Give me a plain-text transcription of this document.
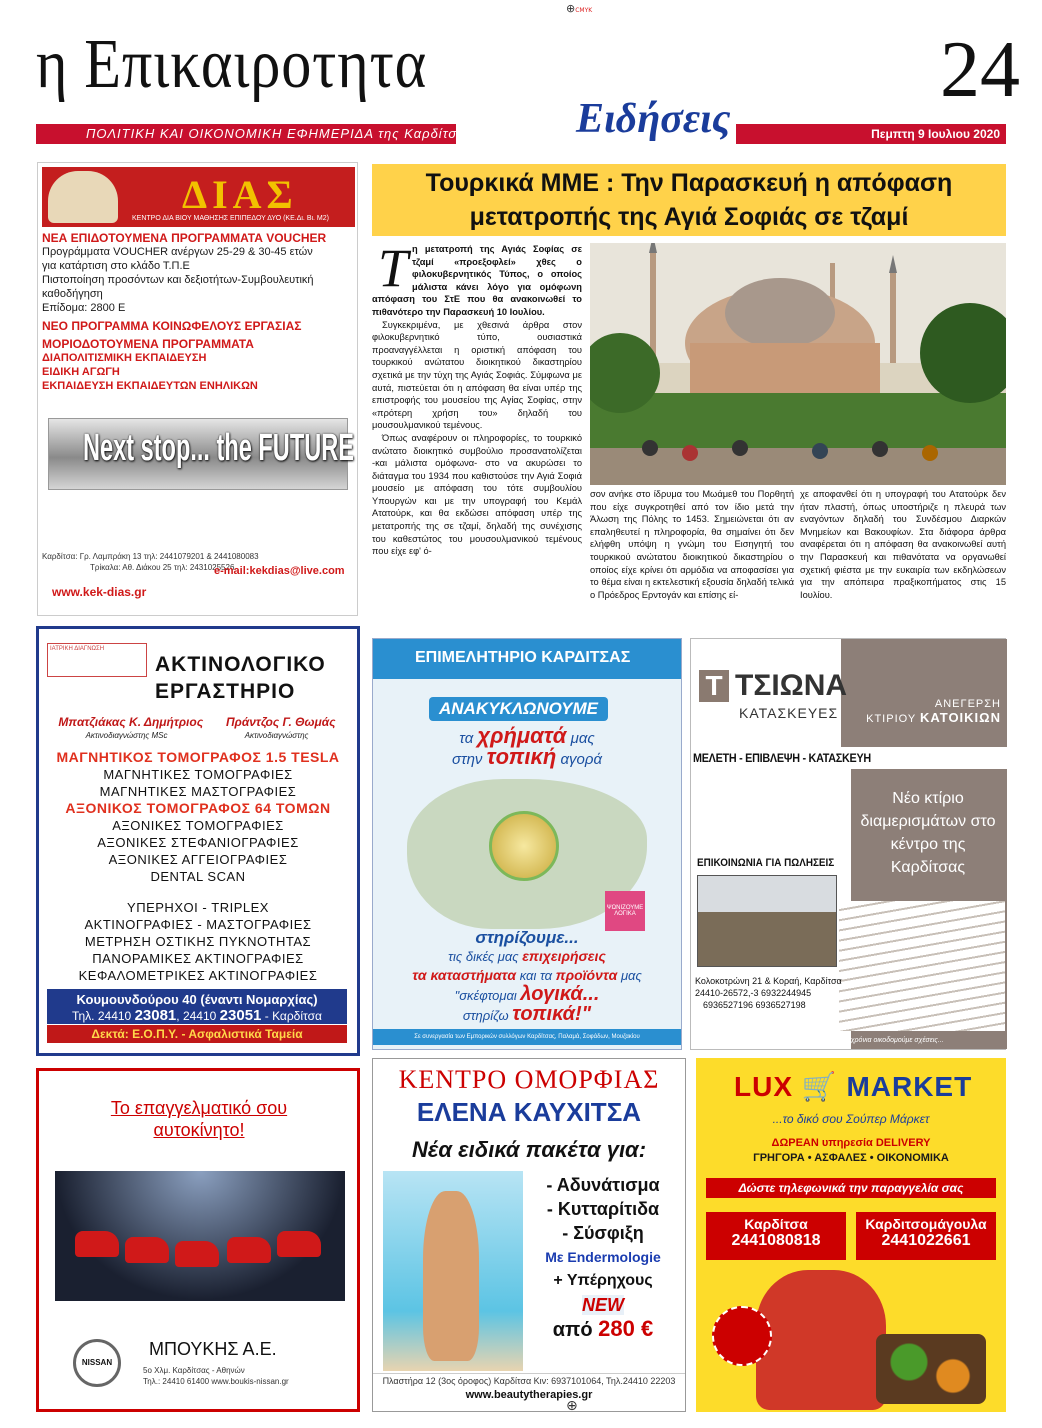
⊕CMYK
⊕
η Επικαιροτητα	24
ΠΟΛΙΤΙΚΗ ΚΑΙ ΟΙΚΟΝΟΜΙΚΗ ΕΦΗΜΕΡΙΔΑ της Καρδίτσας Ειδήσεις	Πεμπτη 9 Ιουλιου 2020
ΔΙΑΣ
ΚΕΝΤΡΟ ΔΙΑ ΒΙΟΥ ΜΑΘΗΣΗΣ ΕΠΙΠΕΔΟΥ ΔΥΟ (ΚΕ.Δι. Βι. Μ2)
ΝΕΑ ΕΠΙΔΟΤΟΥΜΕΝΑ ΠΡΟΓΡΑΜΜΑΤΑ VOUCHER
Προγράμματα VOUCHER ανέργων 25-29 & 30-45 ετών
για κατάρτιση στο κλάδο Τ.Π.Ε
Πιστοποίηση προσόντων και δεξιοτήτων-Συμβουλευτική καθοδήγηση
Επίδομα: 2800 Ε
ΝΕΟ ΠΡΟΓΡΑΜΜΑ ΚΟΙΝΩΦΕΛΟΥΣ ΕΡΓΑΣΙΑΣ
ΜΟΡΙΟΔΟΤΟΥΜΕΝΑ ΠΡΟΓΡΑΜΜΑΤΑ
ΔΙΑΠΟΛΙΤΙΣΜΙΚΗ ΕΚΠΑΙΔΕΥΣΗ
ΕΙΔΙΚΗ ΑΓΩΓΗ
ΕΚΠΑΙΔΕΥΣΗ ΕΚΠΑΙΔΕΥΤΩΝ ΕΝΗΛΙΚΩΝ
Next stop... the FUTURE
Καρδίτσα: Γρ. Λαμπράκη 13 τηλ: 2441079201 & 2441080083
Τρίκαλα: Αθ. Διάκου 25 τηλ: 2431025526
e-mail:kekdias@live.com
www.kek-dias.gr
Τουρκικά ΜΜΕ : Την Παρασκευή η απόφαση μετατροπής της Αγιά Σοφιάς σε τζαμί
Τ η μετατροπή της Αγιάς Σοφίας σε τζαμί «προεξοφλεί» χθες ο φιλοκυβερνητικός Τύπος, ο οποίος μάλιστα κάνει λόγο για ομόφωνη απόφαση του ΣτΕ που θα ανακοινωθεί το πιθανότερο την Παρασκευή 10 Ιουλίου.

Συγκεκριμένα, με χθεσινά άρθρα στον φιλοκυβερνητικό τύπο, ουσιαστικά προαναγγέλλεται η οριστική απόφαση του τουρκικού ανώτατου διοικητικού δικαστηρίου σχετικά με την τύχη της Αγιάς Σοφιάς. Σύμφωνα με αυτά, πιστεύεται ότι η απόφαση θα είναι υπέρ της επιστροφής του μουσείου της Αγίας Σοφίας, στην «πρότερη χρήση του» δηλαδή του μουσουλμανικού τεμένους.

Όπως αναφέρουν οι πληροφορίες, το τουρκικό ανώτατο διοικητικό συμβούλιο προσανατολίζεται -και μάλιστα ομόφωνα- στο να ακυρώσει το διάταγμα του 1934 που καθιστούσε την Αγιά Σοφιά μουσείο με απόφαση του τότε συμβουλίου Υπουργών και με την υπογραφή του Κεμάλ Ατατούρκ, και θα εκδώσει απόφαση υπέρ της μετατροπής της σε τζαμί, δηλαδή της συνέχισης του καθεστώτος του μουσουλμανικού τεμένους που είχε εφ' ό-

σον ανήκε στο ίδρυμα του Μωάμεθ του Πορθητή που είχε συγκροτηθεί από τον ίδιο μετά την Άλωση της Πόλης το 1453. Σημειώνεται ότι αν επαληθευτεί η πληροφορία, θα σημαίνει ότι δεν ελήφθη υπόψη η γνώμη του Εισηγητή του τουρκικού ανώτατου διοικητικού δικαστηρίου ο οποίος είχε κρίνει ότι αρμόδια να αποφασίσει για το θέμα είναι η εκτελεστική εξουσία δηλαδή τελικά ο Πρόεδρος Ερντογάν και επίσης εί-
χε αποφανθεί ότι η υπογραφή του Ατατούρκ δεν ήταν πλαστή, όπως υποστήριζε η πλευρά των εναγόντων δηλαδή του Συνδέσμου Διαρκών Μνημείων και Βακουφίων. Στα διάφορα άρθρα αναφέρεται ότι η απόφαση θα ανακοινωθεί αυτή την Παρασκευή και πιθανότατα να οργανωθεί σχετική φιέστα με την ευκαιρία των εκδηλώσεων για την απόπειρα πραξικοπήματος στις 15 Ιουλίου.
ΙΑΤΡΙΚΗ ΔΙΑΓΝΩΣΗ
ΑΚΤΙΝΟΛΟΓΙΚΟ
ΕΡΓΑΣΤΗΡΙΟ
Μπατζιάκας Κ. Δημήτριος Πράντζος Γ. Θωμάς
Ακτινοδιαγνώστης MSc	Ακτινοδιαγνώστης
ΜΑΓΝΗΤΙΚΟΣ ΤΟΜΟΓΡΑΦΟΣ 1.5 TESLA
ΜΑΓΝΗΤΙΚΕΣ ΤΟΜΟΓΡΑΦΙΕΣ
ΜΑΓΝΗΤΙΚΕΣ ΜΑΣΤΟΓΡΑΦΙΕΣ
ΑΞΟΝΙΚΟΣ ΤΟΜΟΓΡΑΦΟΣ 64 ΤΟΜΩΝ
ΑΞΟΝΙΚΕΣ ΤΟΜΟΓΡΑΦΙΕΣ
ΑΞΟΝΙΚΕΣ ΣΤΕΦΑΝΙΟΓΡΑΦΙΕΣ
ΑΞΟΝΙΚΕΣ ΑΓΓΕΙΟΓΡΑΦΙΕΣ
DENTAL SCAN
ΥΠΕΡΗΧΟΙ - TRIPLEX
ΑΚΤΙΝΟΓΡΑΦΙΕΣ - ΜΑΣΤΟΓΡΑΦΙΕΣ
ΜΕΤΡΗΣΗ ΟΣΤΙΚΗΣ ΠΥΚΝΟΤΗΤΑΣ
ΠΑΝΟΡΑΜΙΚΕΣ ΑΚΤΙΝΟΓΡΑΦΙΕΣ
ΚΕΦΑΛΟΜΕΤΡΙΚΕΣ ΑΚΤΙΝΟΓΡΑΦΙΕΣ
Κουμουνδούρου 40 (έναντι Νομαρχίας)
Τηλ. 24410 23081, 24410 23051 - Καρδίτσα
Δεκτά: Ε.Ο.Π.Υ. - Ασφαλιστικά Ταμεία
ΕΠΙΜΕΛΗΤΗΡΙΟ ΚΑΡΔΙΤΣΑΣ
ΑΝΑΚΥΚΛΩΝΟΥΜΕ
τα χρήματά μας
στην τοπική αγορά
ΨΩΝΙΖΟΥΜΕ ΛΟΓΙΚΑ
στηρίζουμε...
τις δικές μας επιχειρήσεις
τα καταστήματα και τα προϊόντα μας
"σκέφτομαι λογικά...
στηρίζω τοπικά!"
Σε συνεργασία των Εμπορικών συλλόγων Καρδίτσας, Παλαμά, Σοφάδων, Μουζακίου
Τ ΤΣΙΩΝΑ
ΚΑΤΑΣΚΕΥΕΣ
ΑΝΕΓΕΡΣΗ
ΚΤΙΡΙΟΥ ΚΑΤΟΙΚΙΩΝ
ΜΕΛΕΤΗ - ΕΠΙΒΛΕΨΗ - ΚΑΤΑΣΚΕΥΗ
Νέο κτίριο διαμερισμάτων στο κέντρο της Καρδίτσας
ΕΠΙΚΟΙΝΩΝΙΑ ΓΙΑ ΠΩΛΗΣΕΙΣ
Κολοκοτρώνη 21 & Κοραή, Καρδίτσα
24410-26572,-3 6932244945
6936527196 6936527198
40 χρόνια οικοδομούμε σχέσεις...
Το επαγγελματικό σου αυτοκίνητο!
NISSAN
ΜΠΟΥΚΗΣ Α.Ε.
5ο Χλμ. Καρδίτσας - Αθηνών
Τηλ.: 24410 61400 www.boukis-nissan.gr
ΚΕΝΤΡΟ ΟΜΟΡΦΙΑΣ
ΕΛΕΝΑ ΚΑΥΧΙΤΣΑ
Νέα ειδικά πακέτα για:
- Αδυνάτισμα
- Κυτταρίτιδα
- Σύσφιξη
Με Endermologie
+ Υπέρηχους
NEW
από 280 €
Πλαστήρα 12 (3ος όροφος) Καρδίτσα Κιν: 6937101064, Τηλ.24410 22203
www.beautytherapies.gr
LUX 🛒 MARKET
...το δικό σου Σούπερ Μάρκετ
ΔΩΡΕΑΝ υπηρεσία DELIVERY
ΓΡΗΓΟΡΑ • ΑΣΦΑΛΕΣ • ΟΙΚΟΝΟΜΙΚΑ
Δώστε τηλεφωνικά την παραγγελία σας
Καρδίτσα
2441080818
Καρδιτσομάγουλα
2441022661
